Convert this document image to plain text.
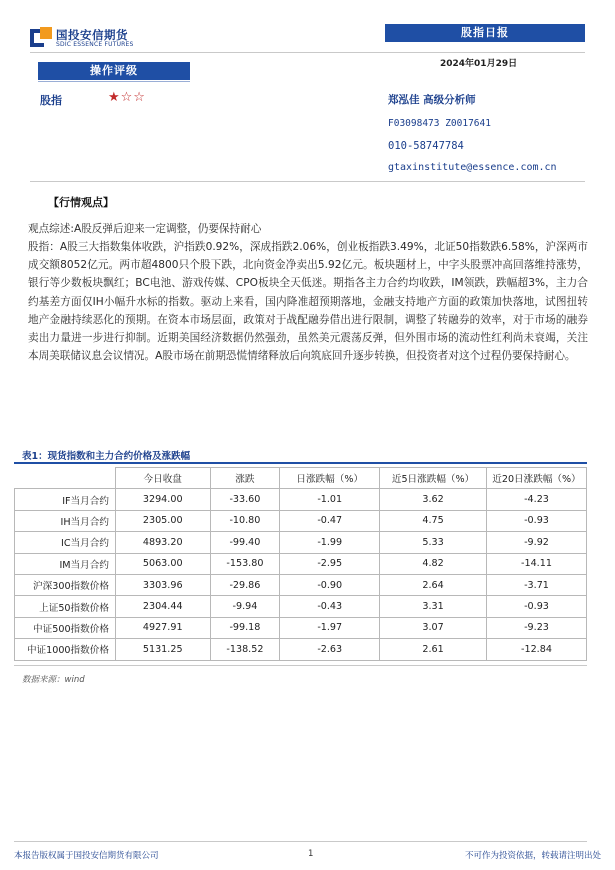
国投安信期货
SDIC ESSENCE FUTURES
股指日报
2024年01月29日
操作评级
股指	★☆☆	郑泓佳 高级分析师
F03098473 Z0017641
010-58747784
gtaxinstitute@essence.com.cn
【行情观点】
观点综述:A股反弹后迎来一定调整，仍要保持耐心
股指：A股三大指数集体收跌，沪指跌0.92%，深成指跌2.06%，创业板指跌3.49%，北证50指数跌6.58%，沪深两市成交额8052亿元。两市超4800只个股下跌，北向资金净卖出5.92亿元。板块题材上，中字头股票冲高回落维持涨势，银行等少数板块飘红；BC电池、游戏传媒、CPO板块全天低迷。期指各主力合约均收跌，IM领跌，跌幅超3%，主力合约基差方面仅IH小幅升水标的指数。驱动上来看，国内降准超预期落地，金融支持地产方面的政策加快落地，试图扭转地产金融持续恶化的预期。在资本市场层面，政策对于战配融券借出进行限制，调整了转融券的效率，对于市场的融券卖出力量进一步进行抑制。近期美国经济数据仍然强劲，虽然美元震荡反弹，但外围市场的流动性红利尚未衰竭，关注本周美联储议息会议情况。A股市场在前期恐慌情绪释放后向筑底回升逐步转换，但投资者对这个过程仍要保持耐心。
表1：现货指数和主力合约价格及涨跌幅
	今日收盘	涨跌	日涨跌幅（%）	近5日涨跌幅（%）	近20日涨跌幅（%）
IF当月合约	3294.00	-33.60	-1.01	3.62	-4.23
IH当月合约	2305.00	-10.80	-0.47	4.75	-0.93
IC当月合约	4893.20	-99.40	-1.99	5.33	-9.92
IM当月合约	5063.00	-153.80	-2.95	4.82	-14.11
沪深300指数价格	3303.96	-29.86	-0.90	2.64	-3.71
上证50指数价格	2304.44	-9.94	-0.43	3.31	-0.93
中证500指数价格	4927.91	-99.18	-1.97	3.07	-9.23
中证1000指数价格	5131.25	-138.52	-2.63	2.61	-12.84
数据来源：wind
本报告版权属于国投安信期货有限公司	1	不可作为投资依据，转载请注明出处
